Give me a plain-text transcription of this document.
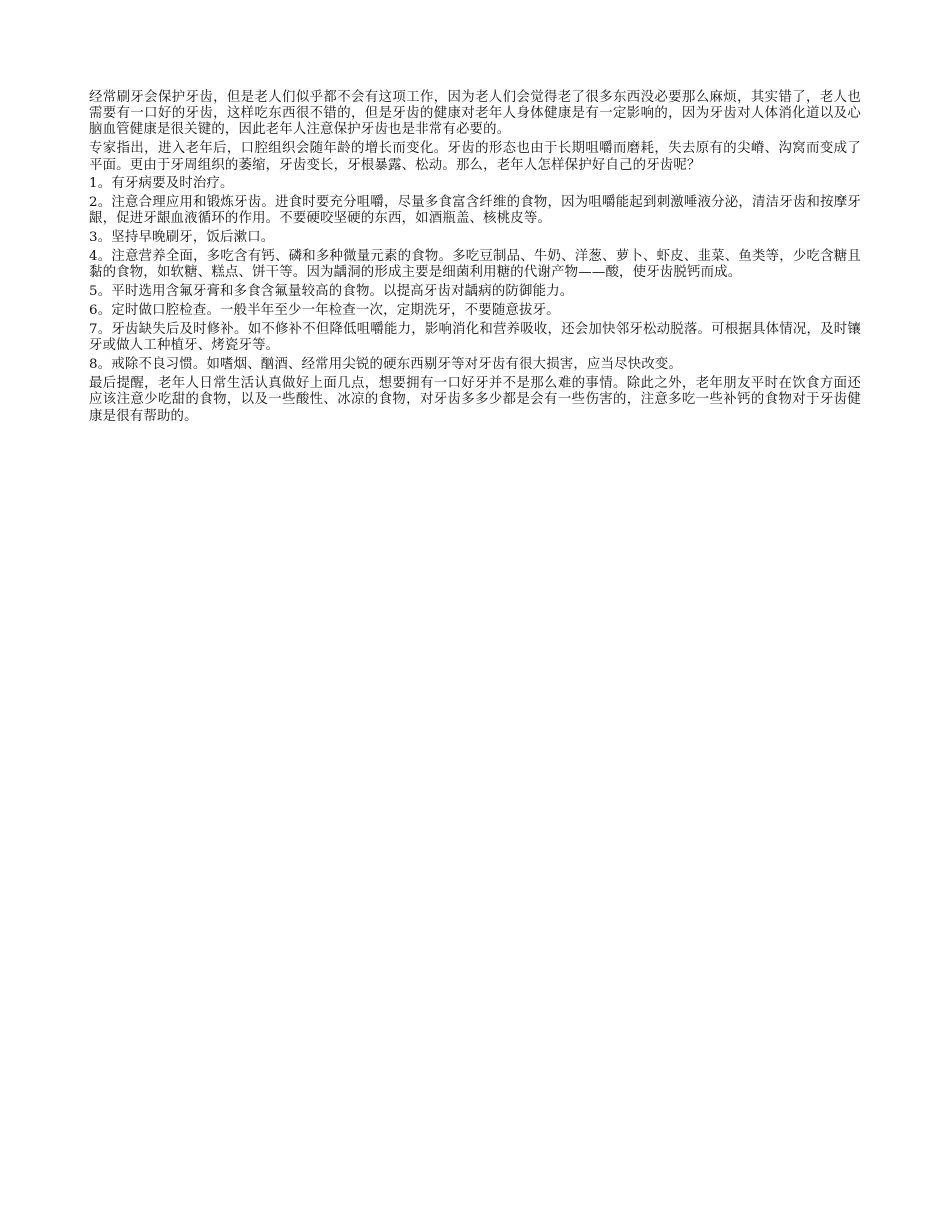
经常刷牙会保护牙齿，但是老人们似乎都不会有这项工作，因为老人们会觉得老了很多东西没必要那么麻烦，其实错了，老人也需要有一口好的牙齿，这样吃东西很不错的，但是牙齿的健康对老年人身体健康是有一定影响的，因为牙齿对人体消化道以及心脑血管健康是很关键的，因此老年人注意保护牙齿也是非常有必要的。

专家指出，进入老年后，口腔组织会随年龄的增长而变化。牙齿的形态也由于长期咀嚼而磨耗，失去原有的尖嵴、沟窝而变成了平面。更由于牙周组织的萎缩，牙齿变长，牙根暴露、松动。那么，老年人怎样保护好自己的牙齿呢？

1。有牙病要及时治疗。

2。注意合理应用和锻炼牙齿。进食时要充分咀嚼，尽量多食富含纤维的食物，因为咀嚼能起到刺激唾液分泌，清洁牙齿和按摩牙龈，促进牙龈血液循环的作用。不要硬咬坚硬的东西，如酒瓶盖、核桃皮等。

3。坚持早晚刷牙，饭后漱口。

4。注意营养全面，多吃含有钙、磷和多种微量元素的食物。多吃豆制品、牛奶、洋葱、萝卜、虾皮、韭菜、鱼类等，少吃含糖且黏的食物，如软糖、糕点、饼干等。因为龋洞的形成主要是细菌利用糖的代谢产物——酸，使牙齿脱钙而成。

5。平时选用含氟牙膏和多食含氟量较高的食物。以提高牙齿对龋病的防御能力。

6。定时做口腔检查。一般半年至少一年检查一次，定期洗牙，不要随意拔牙。

7。牙齿缺失后及时修补。如不修补不但降低咀嚼能力，影响消化和营养吸收，还会加快邻牙松动脱落。可根据具体情况，及时镶牙或做人工种植牙、烤瓷牙等。

8。戒除不良习惯。如嗜烟、酗酒、经常用尖锐的硬东西剔牙等对牙齿有很大损害，应当尽快改变。

最后提醒，老年人日常生活认真做好上面几点，想要拥有一口好牙并不是那么难的事情。除此之外，老年朋友平时在饮食方面还应该注意少吃甜的食物，以及一些酸性、冰凉的食物，对牙齿多多少都是会有一些伤害的，注意多吃一些补钙的食物对于牙齿健康是很有帮助的。
